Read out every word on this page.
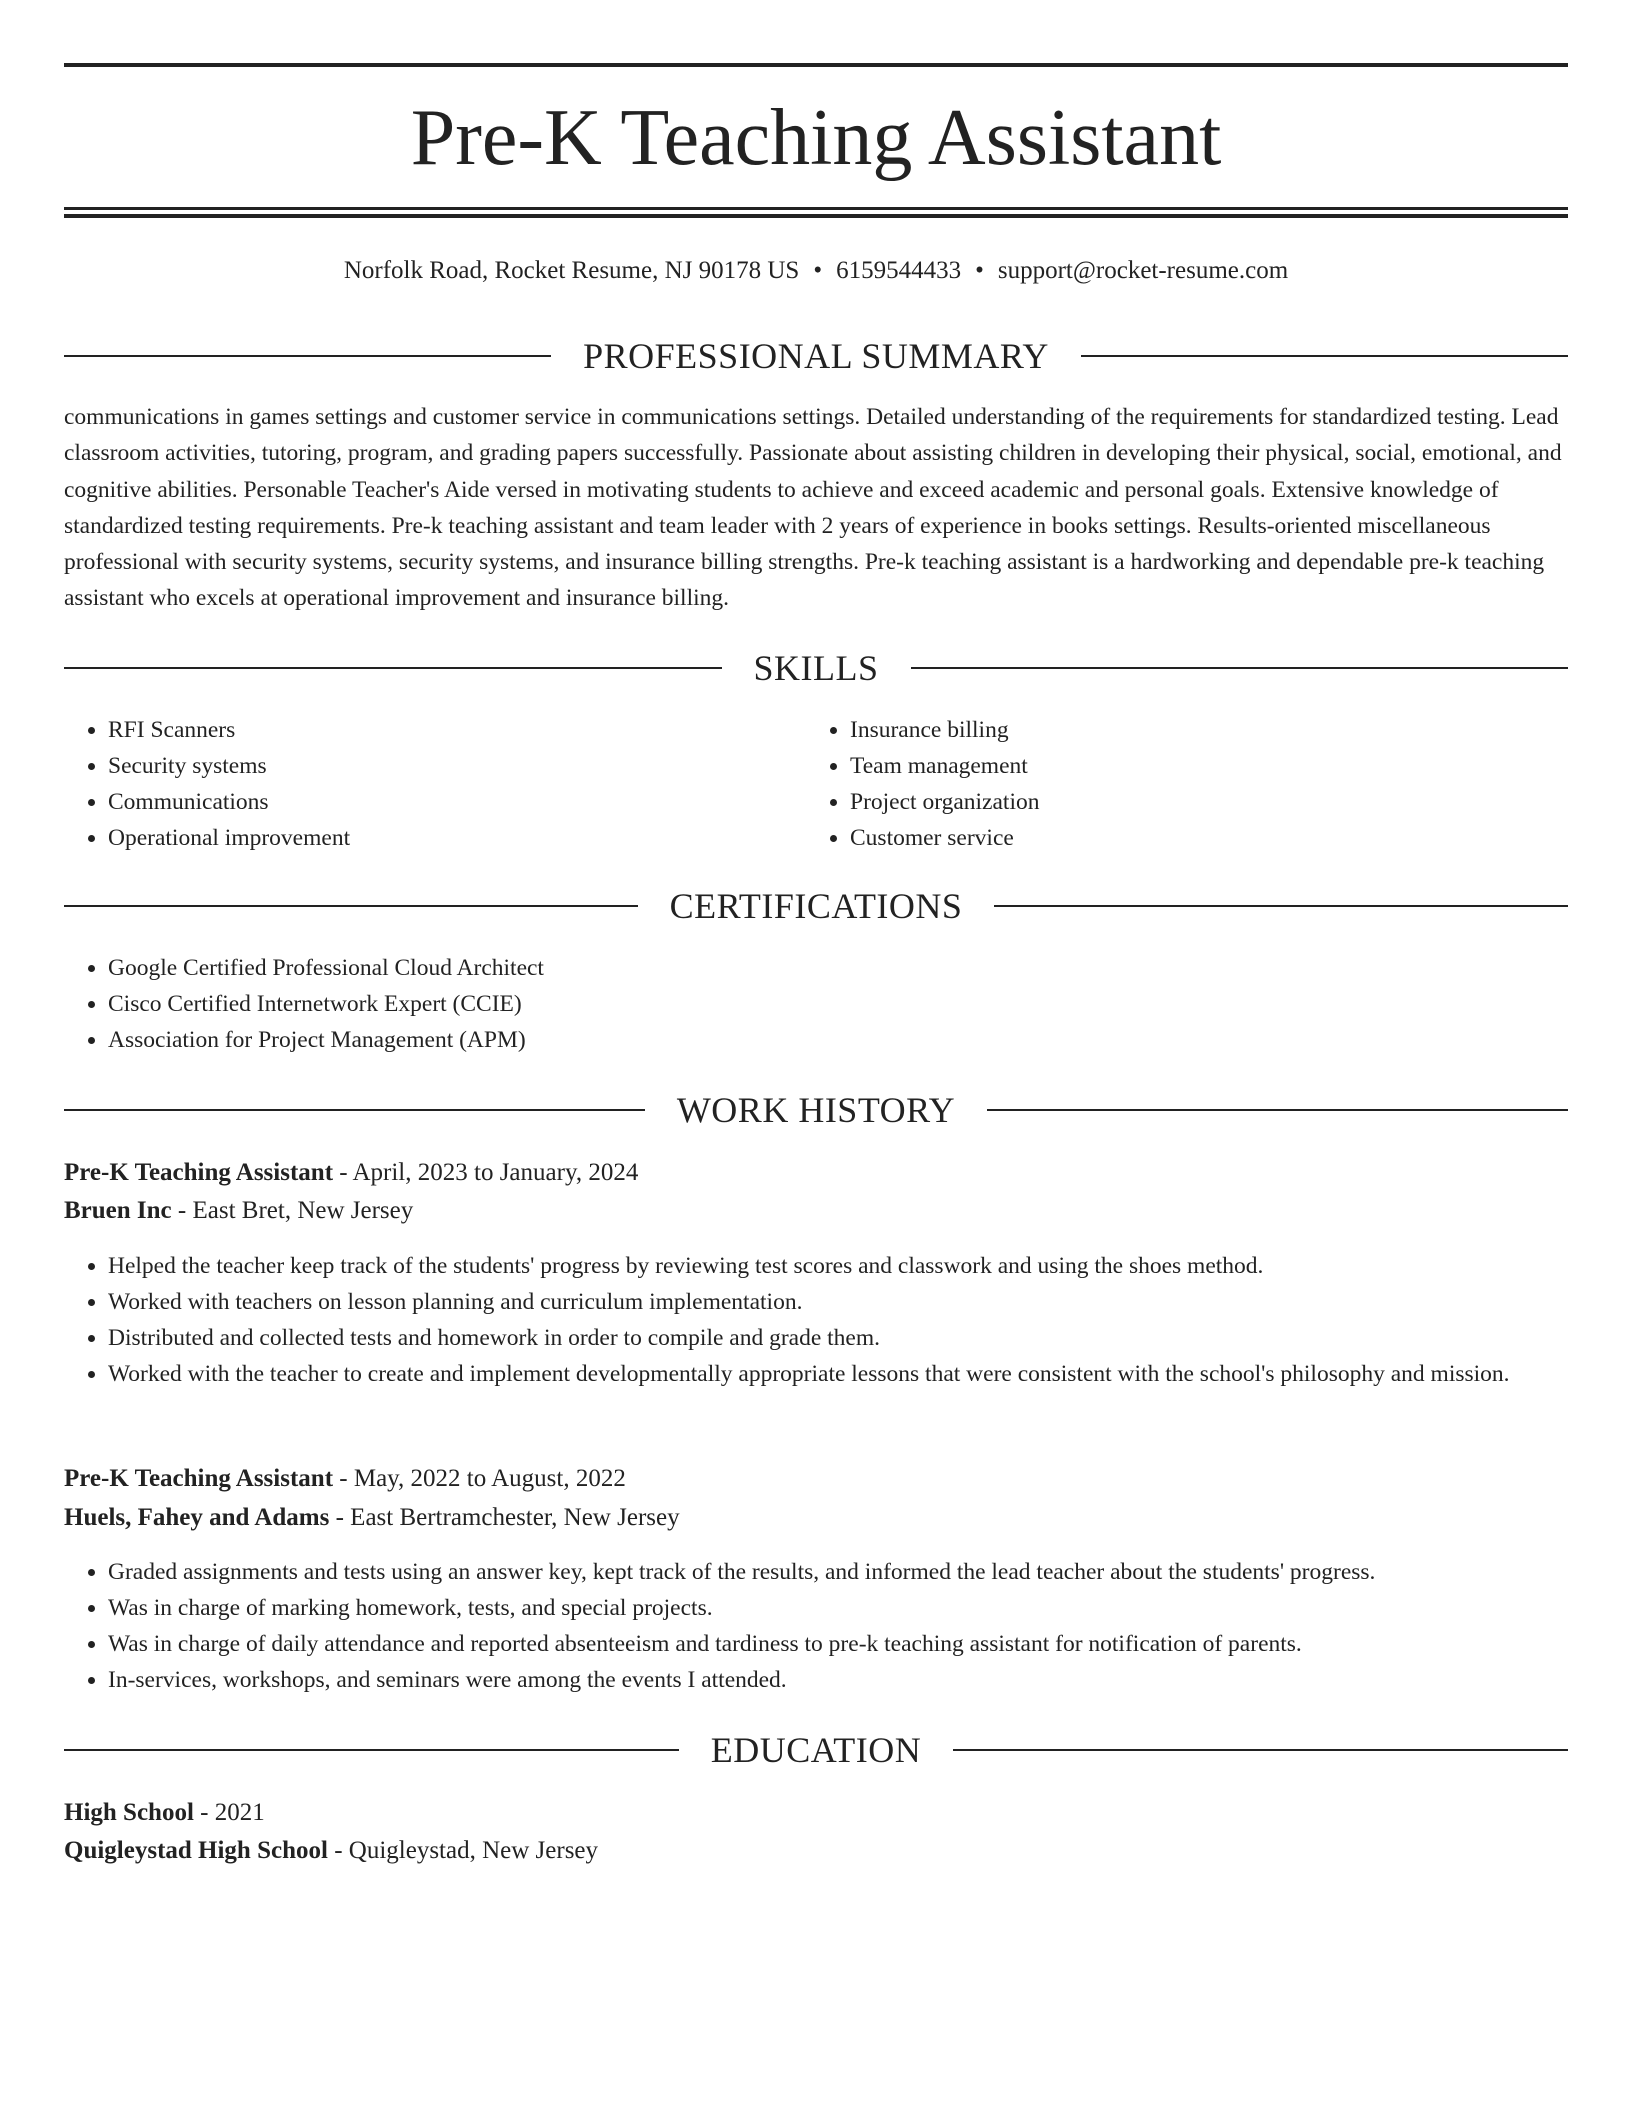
Pre-K Teaching Assistant
Norfolk Road, Rocket Resume, NJ 90178 US • 6159544433 • support@rocket-resume.com
PROFESSIONAL SUMMARY

communications in games settings and customer service in communications settings. Detailed understanding of the requirements for standardized testing. Lead classroom activities, tutoring, program, and grading papers successfully. Passionate about assisting children in developing their physical, social, emotional, and cognitive abilities. Personable Teacher's Aide versed in motivating students to achieve and exceed academic and personal goals. Extensive knowledge of standardized testing requirements. Pre-k teaching assistant and team leader with 2 years of experience in books settings. Results-oriented miscellaneous professional with security systems, security systems, and insurance billing strengths. Pre-k teaching assistant is a hardworking and dependable pre-k teaching assistant who excels at operational improvement and insurance billing.

SKILLS
• RFI Scanners
• Security systems
• Communications
• Operational improvement
• Insurance billing
• Team management
• Project organization
• Customer service
CERTIFICATIONS
• Google Certified Professional Cloud Architect
• Cisco Certified Internetwork Expert (CCIE)
• Association for Project Management (APM)
WORK HISTORY
Pre-K Teaching Assistant - April, 2023 to January, 2024
Bruen Inc - East Bret, New Jersey
• Helped the teacher keep track of the students' progress by reviewing test scores and classwork and using the shoes method.
• Worked with teachers on lesson planning and curriculum implementation.
• Distributed and collected tests and homework in order to compile and grade them.
• Worked with the teacher to create and implement developmentally appropriate lessons that were consistent with the school's philosophy and mission.
Pre-K Teaching Assistant - May, 2022 to August, 2022
Huels, Fahey and Adams - East Bertramchester, New Jersey
• Graded assignments and tests using an answer key, kept track of the results, and informed the lead teacher about the students' progress.
• Was in charge of marking homework, tests, and special projects.
• Was in charge of daily attendance and reported absenteeism and tardiness to pre-k teaching assistant for notification of parents.
• In-services, workshops, and seminars were among the events I attended.
EDUCATION
High School - 2021
Quigleystad High School - Quigleystad, New Jersey
